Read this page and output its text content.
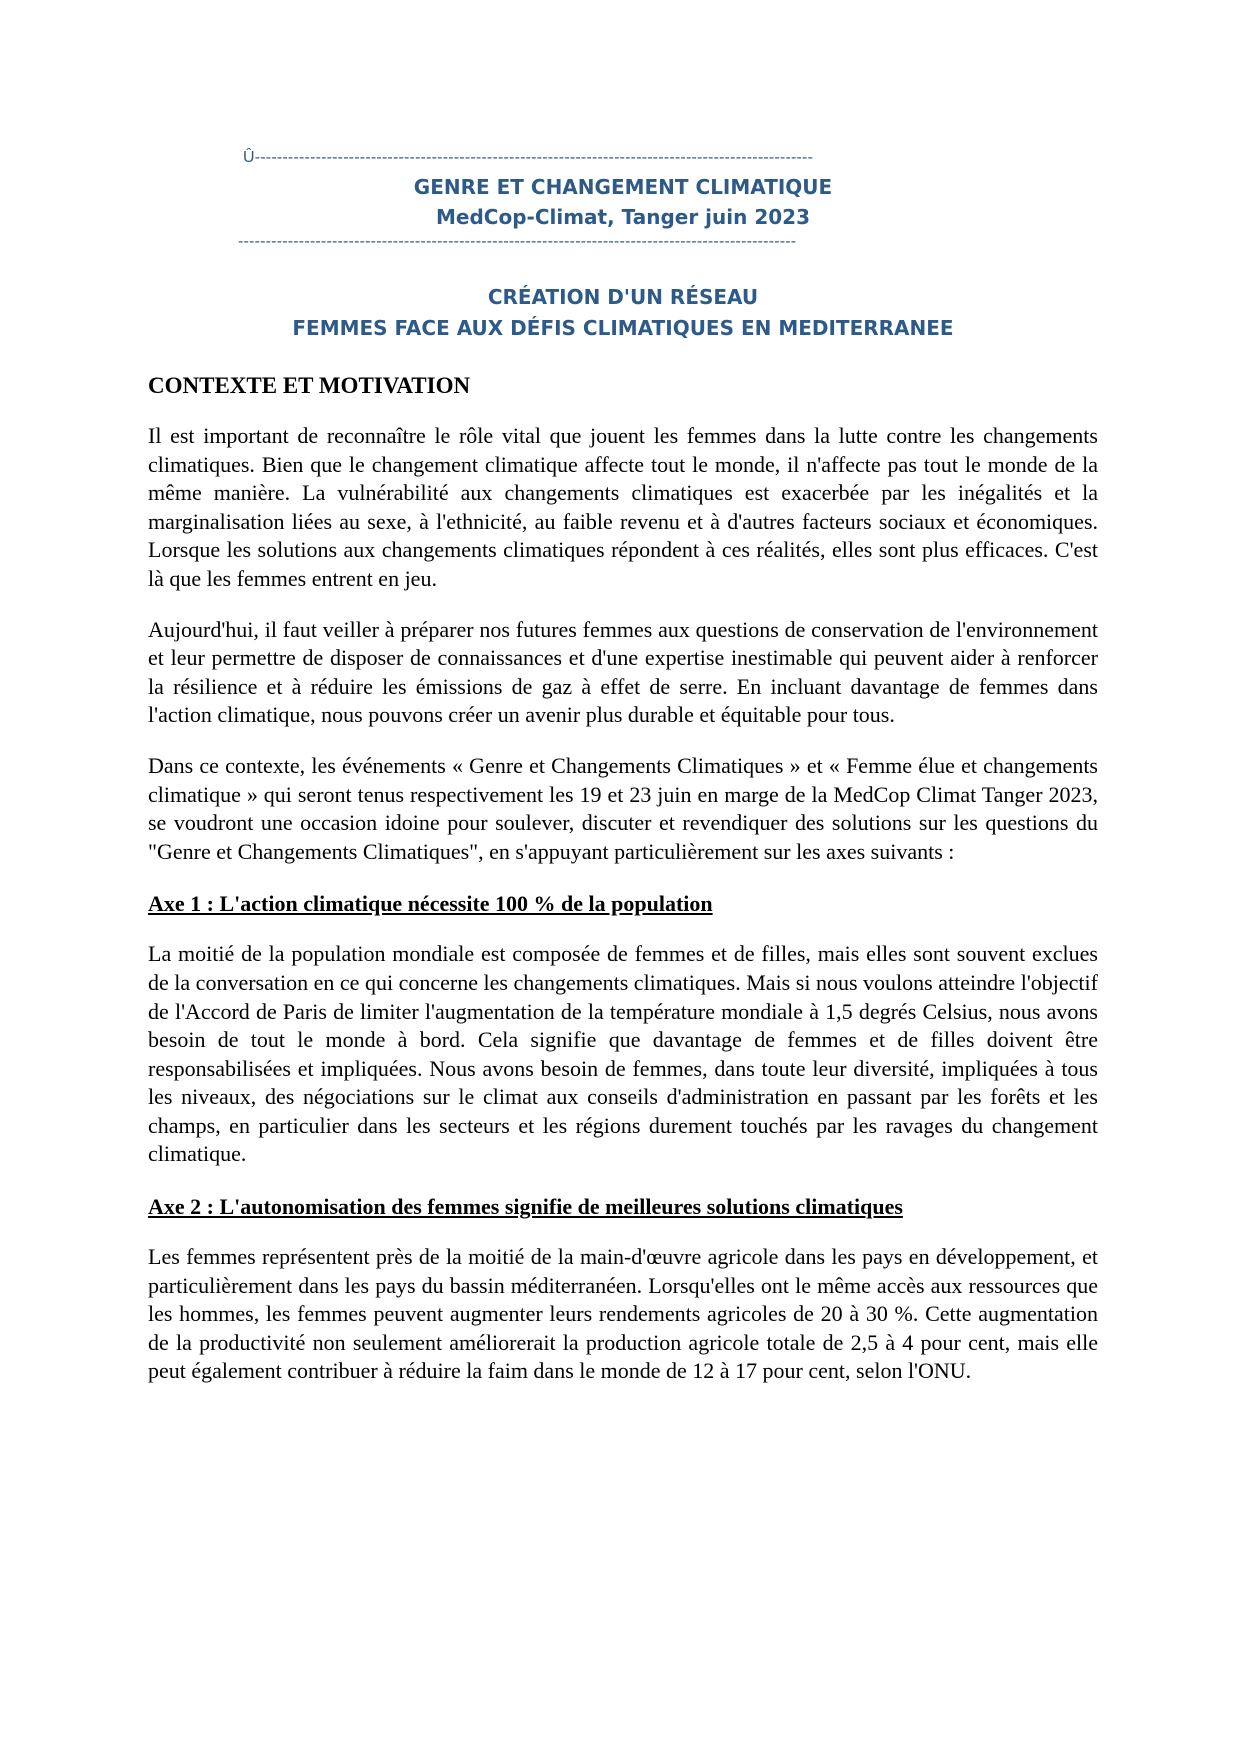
Û-----------------------------------------------------------------------------------------------------
GENRE ET CHANGEMENT CLIMATIQUE
MedCop-Climat, Tanger juin 2023
-----------------------------------------------------------------------------------------------------
CRÉATION D'UN RÉSEAU
FEMMES FACE AUX DÉFIS CLIMATIQUES EN MEDITERRANEE
CONTEXTE ET MOTIVATION

Il est important de reconnaître le rôle vital que jouent les femmes dans la lutte contre les changements climatiques. Bien que le changement climatique affecte tout le monde, il n'affecte pas tout le monde de la même manière. La vulnérabilité aux changements climatiques est exacerbée par les inégalités et la marginalisation liées au sexe, à l'ethnicité, au faible revenu et à d'autres facteurs sociaux et économiques. Lorsque les solutions aux changements climatiques répondent à ces réalités, elles sont plus efficaces. C'est là que les femmes entrent en jeu.

Aujourd'hui, il faut veiller à préparer nos futures femmes aux questions de conservation de l'environnement et leur permettre de disposer de connaissances et d'une expertise inestimable qui peuvent aider à renforcer la résilience et à réduire les émissions de gaz à effet de serre. En incluant davantage de femmes dans l'action climatique, nous pouvons créer un avenir plus durable et équitable pour tous.

Dans ce contexte, les événements « Genre et Changements Climatiques » et « Femme élue et changements climatique » qui seront tenus respectivement les 19 et 23 juin en marge de la MedCop Climat Tanger 2023, se voudront une occasion idoine pour soulever, discuter et revendiquer des solutions sur les questions du "Genre et Changements Climatiques", en s'appuyant particulièrement sur les axes suivants :

Axe 1 : L'action climatique nécessite 100 % de la population

La moitié de la population mondiale est composée de femmes et de filles, mais elles sont souvent exclues de la conversation en ce qui concerne les changements climatiques. Mais si nous voulons atteindre l'objectif de l'Accord de Paris de limiter l'augmentation de la température mondiale à 1,5 degrés Celsius, nous avons besoin de tout le monde à bord. Cela signifie que davantage de femmes et de filles doivent être responsabilisées et impliquées. Nous avons besoin de femmes, dans toute leur diversité, impliquées à tous les niveaux, des négociations sur le climat aux conseils d'administration en passant par les forêts et les champs, en particulier dans les secteurs et les régions durement touchés par les ravages du changement climatique.

Axe 2 : L'autonomisation des femmes signifie de meilleures solutions climatiques

Les femmes représentent près de la moitié de la main-d'œuvre agricole dans les pays en développement, et particulièrement dans les pays du bassin méditerranéen. Lorsqu'elles ont le même accès aux ressources que les hommes, les femmes peuvent augmenter leurs rendements agricoles de 20 à 30 %. Cette augmentation de la productivité non seulement améliorerait la production agricole totale de 2,5 à 4 pour cent, mais elle peut également contribuer à réduire la faim dans le monde de 12 à 17 pour cent, selon l'ONU.
